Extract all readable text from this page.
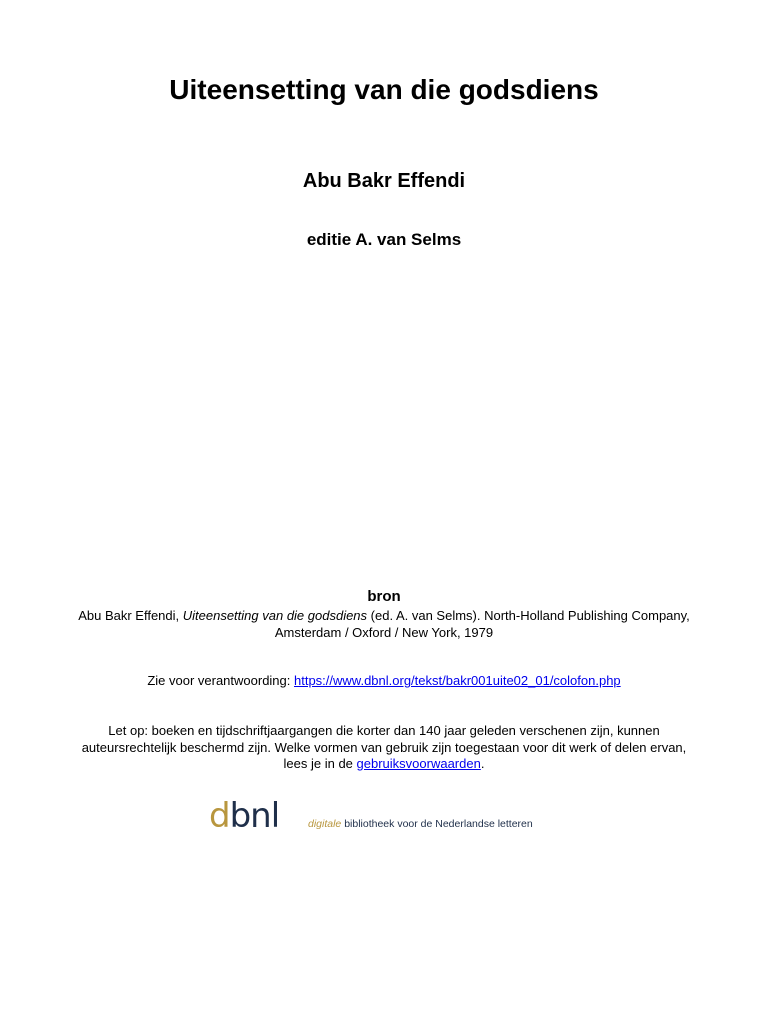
Uiteensetting van die godsdiens
Abu Bakr Effendi
editie A. van Selms
bron
Abu Bakr Effendi, Uiteensetting van die godsdiens (ed. A. van Selms). North-Holland Publishing Company, Amsterdam / Oxford / New York, 1979
Zie voor verantwoording: https://www.dbnl.org/tekst/bakr001uite02_01/colofon.php
Let op: boeken en tijdschriftjaargangen die korter dan 140 jaar geleden verschenen zijn, kunnen auteursrechtelijk beschermd zijn. Welke vormen van gebruik zijn toegestaan voor dit werk of delen ervan, lees je in de gebruiksvoorwaarden.
dbnl	digitale bibliotheek voor de Nederlandse letteren
